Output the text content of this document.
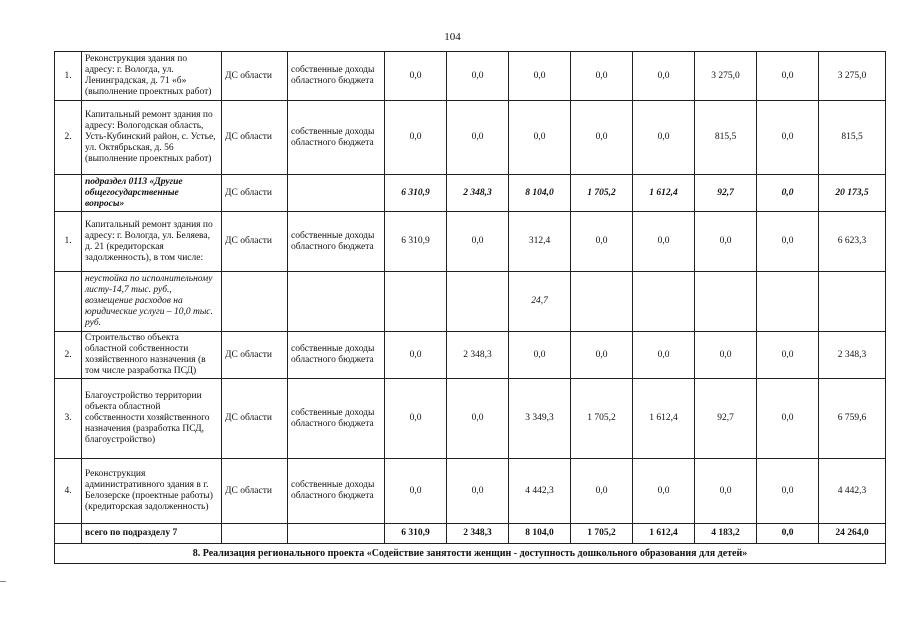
104
1.	Реконструкция здания по адресу: г. Вологда, ул. Ленинградская, д. 71 «б» (выполнение проектных работ)	ДС области	собственные доходы областного бюджета	0,0	0,0	0,0	0,0	0,0	3 275,0	0,0	3 275,0
2.	Капитальный ремонт здания по адресу: Вологодская область, Усть-Кубинский район, с. Устье, ул. Октябрьская, д. 56 (выполнение проектных работ)	ДС области	собственные доходы областного бюджета	0,0	0,0	0,0	0,0	0,0	815,5	0,0	815,5
	подраздел 0113 «Другие общегосударственные вопросы»	ДС области		6 310,9	2 348,3	8 104,0	1 705,2	1 612,4	92,7	0,0	20 173,5
1.	Капитальный ремонт здания по адресу: г. Вологда, ул. Беляева, д. 21 (кредиторская задолженность), в том числе:	ДС области	собственные доходы областного бюджета	6 310,9	0,0	312,4	0,0	0,0	0,0	0,0	6 623,3
	неустойка по исполнительному листу-14,7 тыс. руб., возмещение расходов на юридические услуги – 10,0 тыс. руб.					24,7					
2.	Строительство объекта областной собственности хозяйственного назначения (в том числе разработка ПСД)	ДС области	собственные доходы областного бюджета	0,0	2 348,3	0,0	0,0	0,0	0,0	0,0	2 348,3
3.	Благоустройство территории объекта областной собственности хозяйственного назначения (разработка ПСД, благоустройство)	ДС области	собственные доходы областного бюджета	0,0	0,0	3 349,3	1 705,2	1 612,4	92,7	0,0	6 759,6
4.	Реконструкция административного здания в г. Белозерске (проектные работы) (кредиторская задолженность)	ДС области	собственные доходы областного бюджета	0,0	0,0	4 442,3	0,0	0,0	0,0	0,0	4 442,3
	всего по подразделу 7			6 310,9	2 348,3	8 104,0	1 705,2	1 612,4	4 183,2	0,0	24 264,0
8. Реализация регионального проекта «Содействие занятости женщин - доступность дошкольного образования для детей»											
